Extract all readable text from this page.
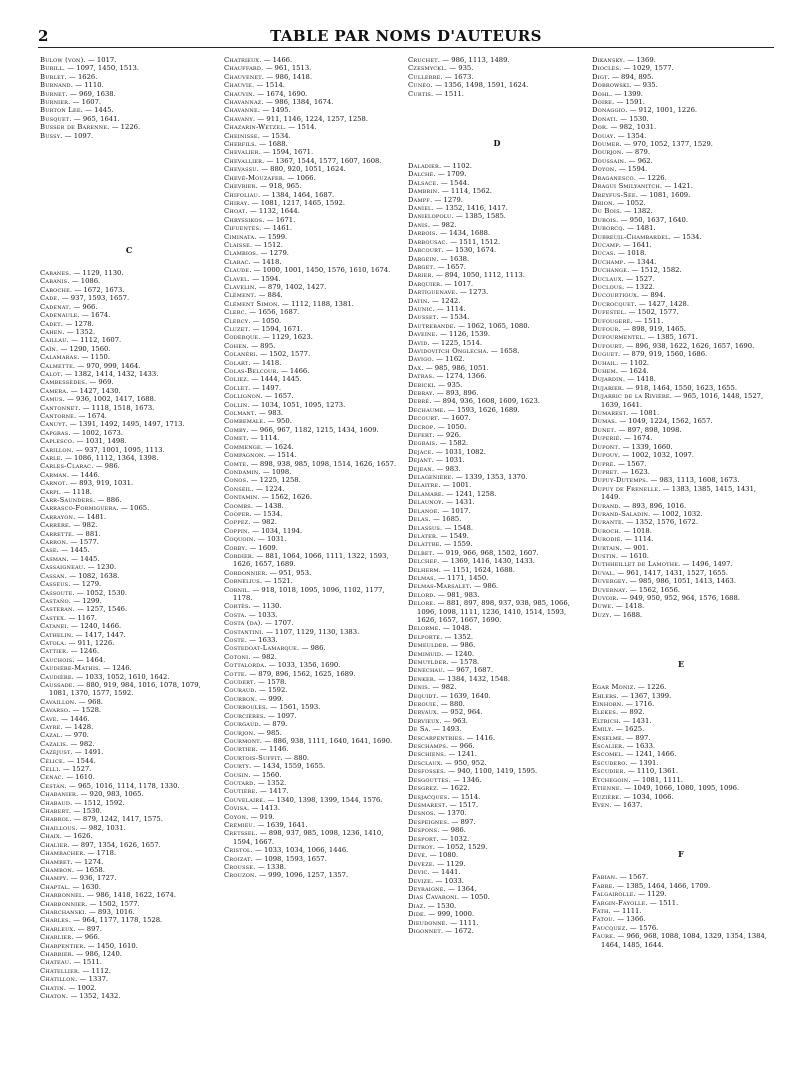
2	TABLE PAR NOMS D'AUTEURS

Bulow (von). — 1017.

Burill. — 1097, 1450, 1513.

Burlet. — 1626.

Burnand. — 1110.

Burnet. — 969, 1638.

Burnier. — 1607.

Burton Lee. — 1445.

Busquet. — 965, 1641.

Busser de Barenne. — 1226.

Bussy. — 1097.

C

Cabanes. — 1129, 1130.

Cabanis. — 1086.

Caboche. — 1672, 1673.

Cade. — 937, 1593, 1657.

Cadenat. — 966.

Cadenaule. — 1674.

Cadet. — 1278.

Cahen. — 1352.

Caillau. — 1112, 1607.

Caïn. — 1290, 1560.

Calamaras. — 1150.

Calmette. — 970, 999, 1464.

Calot. — 1382, 1414, 1432, 1433.

Cambessèdes. — 969.

Camera. — 1427, 1430.

Camus. — 936, 1002, 1417, 1688.

Cantonnet. — 1118, 1518, 1673.

Cantorne. — 1674.

Canuyt. — 1391, 1492, 1495, 1497, 1713.

Capgras. — 1002, 1673.

Caplesco. — 1031, 1498.

Carillon. — 937, 1001, 1095, 1113.

Carle. — 1086, 1112, 1364, 1398.

Carles-Clarac. — 986.

Carman. — 1446.

Carnot. — 893, 919, 1031.

Carpi. — 1118.

Carr-Saunders. — 886.

Carrasco-Formiguera. — 1065.

Carrayon. — 1481.

Carrère. — 982.

Carrette. — 881.

Carron. — 1577.

Case. — 1445.

Casman. — 1445.

Cassaigneau. — 1230.

Cassan. — 1082, 1638.

Cassèus. — 1279.

Cassoute. — 1052, 1530.

Castaño. — 1299.

Casteran. — 1257, 1546.

Castex. — 1167.

Catanei. — 1240, 1466.

Cathelin. — 1417, 1447.

Catola. — 911, 1226.

Cattier. — 1246.

Cauchois. — 1464.

Caudière-Mathis. — 1246.

Caudière. — 1033, 1052, 1610, 1642.

Caussade. — 880, 919, 984, 1016, 1078, 1079, 1081, 1370, 1577, 1592.

Cavaillon. — 968.

Cavarso. — 1528.

Cave. — 1446.

Cayre. — 1428.

Cazal. — 970.

Cazalis. — 982.

Cazejust. — 1491.

Célice. — 1544.

Celli. — 1527.

Cenac. — 1610.

Cestan. — 965, 1016, 1114, 1178, 1330.

Chabanier. — 920, 983, 1065.

Chabaud. — 1512, 1592.

Chabert. — 1530.

Chabrol. — 879, 1242, 1417, 1575.

Chaillous. — 982, 1031.

Chaix. — 1626.

Chalier. — 897, 1354, 1626, 1657.

Chambacher. — 1718.

Chambet. — 1274.

Chambon. — 1658.

Champy. — 936, 1727.

Chaptal. — 1630.

Charbonnel. — 986, 1418, 1622, 1674.

Charbonnier. — 1502, 1577.

Charchanski. — 893, 1016.

Charles. — 964, 1177, 1178, 1528.

Charleux. — 897.

Charlier. — 966.

Charpentier. — 1450, 1610.

Charrier. — 986, 1240.

Chateau. — 1511.

Chatellier. — 1112.

Chatillon. — 1337.

Chatin. — 1002.

Chaton. — 1352, 1432.

Chatrieux. — 1466.

Chauffard. — 961, 1513.

Chauvenet. — 986, 1418.

Chauvie. — 1514.

Chauvin. — 1674, 1690.

Chavannaz. — 986, 1384, 1674.

Chavanne. — 1495.

Chavany. — 911, 1146, 1224, 1257, 1258.

Chazarin-Wetzel. — 1514.

Cheinisse. — 1534.

Cherfils. — 1688.

Chevalier. — 1594, 1671.

Chevallier. — 1367, 1544, 1577, 1607, 1608.

Chevassu. — 880, 920, 1051, 1624.

Chevé-Mouzafer. — 1066.

Chevrier. — 918, 965.

Chifoliau. — 1384, 1464, 1687.

Chiray. — 1081, 1217, 1465, 1592.

Choat. — 1132, 1644.

Chryssikos. — 1671.

Cifuentès. — 1461.

Ciminata. — 1599.

Claisse. — 1512.

Clambios. — 1279.

Clarac. — 1418.

Claude. — 1000, 1001, 1450, 1576, 1610, 1674.

Clavel. — 1594.

Clavelin. — 879, 1402, 1427.

Clément. — 884.

Clément Simon. — 1112, 1188, 1381.

Clerc. — 1656, 1687.

Clercy. — 1050.

Cluzet. — 1594, 1671.

Coderque. — 1129, 1623.

Cohen. — 895.

Colanéri. — 1502, 1577.

Colart. — 1418.

Colas-Belcour. — 1466.

Coliez. — 1444, 1445.

Collet. — 1497.

Collignon. — 1657.

Collin. — 1034, 1051, 1095, 1273.

Colmant. — 983.

Combemale. — 950.

Comby. — 966, 967, 1182, 1215, 1434, 1609.

Comet. — 1114.

Commenge. — 1624.

Compagnon. — 1514.

Comte. — 898, 938, 985, 1098, 1514, 1626, 1657.

Condamin. — 1098.

Conos. — 1225, 1258.

Conseil. — 1224.

Contamin. — 1562, 1626.

Coombs. — 1438.

Cooper. — 1534.

Coppez. — 982.

Coppin. — 1034, 1194.

Coquoin. — 1031.

Corby. — 1609.

Cordier. — 881, 1064, 1066, 1111, 1322, 1593, 1626, 1657, 1689.

Cordonnier. — 951, 953.

Cornélius. — 1521.

Cornil. — 918, 1018, 1095, 1096, 1102, 1177, 1178.

Cortès. — 1130.

Costa. — 1033.

Costa (da). — 1707.

Costantini. — 1107, 1129, 1130, 1383.

Coste. — 1633.

Costedoat-Lamarque. — 986.

Cotoni. — 982.

Cottalorda. — 1033, 1356, 1690.

Cotte. — 879, 896, 1562, 1625, 1689.

Coudert. — 1578.

Couraud. — 1592.

Courbon. — 999.

Courboulès. — 1561, 1593.

Courcières. — 1097.

Courgaud. — 879.

Courjon. — 985.

Courmont. — 886, 938, 1111, 1640, 1641, 1690.

Courtier. — 1146.

Courtois-Suffit. — 880.

Courty. — 1434, 1559, 1655.

Cousin. — 1560.

Coutard. — 1352.

Coutière. — 1417.

Couvelaire. — 1340, 1398, 1399, 1544, 1576.

Covisa. — 1413.

Coyon. — 919.

Crémieu. — 1639, 1641.

Cretssel. — 898, 937, 985, 1098, 1236, 1410, 1594, 1667.

Cristol. — 1033, 1034, 1066, 1446.

Croizat. — 1098, 1593, 1657.

Crousse. — 1338.

Crouzon. — 999, 1096, 1257, 1357.

Cruchet. — 986, 1113, 1489.

Czesmyckl. — 935.

Cullerre. — 1673.

Cunéo. — 1356, 1498, 1591, 1624.

Curtis. — 1511.

D

Daladier. — 1102.

Dalché. — 1709.

Dalsace. — 1544.

Dambrin. — 1114, 1562.

Dampf. — 1279.

Daniel. — 1352, 1416, 1417.

Danielopolu. — 1385, 1585.

Danis. — 982.

Darbois. — 1434, 1688.

Darbousac. — 1511, 1512.

Darcourt. — 1530, 1674.

Dargein. — 1638.

Darget. — 1657.

Darier. — 894, 1050, 1112, 1113.

Darquier. — 1017.

Dartiguenave. — 1273.

Datin. — 1242.

Daunic. — 1114.

Dausset. — 1534.

Dautrebande. — 1062, 1065, 1080.

Daveine. — 1126, 1539.

David. — 1225, 1514.

Davidovitch Onglécha. — 1658.

Davigo. — 1162.

Dax. — 985, 986, 1051.

Datras. — 1274, 1366.

Debicki. — 935.

Debray. — 893, 896.

Debré. — 894, 936, 1608, 1609, 1623.

Dechaume. — 1593, 1626, 1689.

Decourt. — 1607.

Decrop. — 1050.

Defert. — 926.

Degrais. — 1582.

Dejace. — 1031, 1082.

Dejant. — 1031.

Dejean. — 983.

Delagenière. — 1339, 1353, 1370.

Delaitre. — 1001.

Delamare. — 1241, 1258.

Delaunoy. — 1431.

Delanoe. — 1017.

Delas. — 1685.

Delassus. — 1548.

Delater. — 1549.

Delattre. — 1559.

Delbet. — 919, 966, 968, 1502, 1607.

Delchef. — 1369, 1416, 1430, 1433.

Delherm. — 1151, 1624, 1688.

Delmas. — 1171, 1450.

Delmas-Marsalet. — 986.

Delord. — 981, 983.

Delore. — 881, 897, 898, 937, 938, 985, 1066, 1096, 1098, 1111, 1236, 1410, 1514, 1593, 1626, 1657, 1667, 1690.

Delorme. — 1048.

Delporte. — 1352.

Demeulder. — 986.

Demimuid. — 1240.

Demuylder. — 1578.

Denéchau. — 967, 1687.

Denker. — 1384, 1432, 1548.

Denis. — 982.

Dequidt. — 1639, 1640.

Derouie. — 880.

Dervaux. — 952, 964.

Dervieux. — 963.

De Sa. — 1493.

Descarpentries. — 1416.

Deschamps. — 966.

Deschiens. — 1241.

Desclaux. — 950, 952.

Desfosses. — 940, 1100, 1419, 1595.

Desgouttes. — 1346.

Desgrez. — 1622.

Desjacques. — 1514.

Desmarest. — 1517.

Desnos. — 1370.

Despeignes. — 897.

Despons. — 986.

Desport. — 1032.

Detroy. — 1052, 1529.

Dévé. — 1080.

Devèze. — 1129.

Devic. — 1441.

Devize. — 1033.

Deyraigne. — 1364.

Dias Cavaroni. — 1050.

Diaz. — 1530.

Dide. — 999, 1000.

Dieudonné. — 1111.

Digonnet. — 1672.

Dikansky. — 1369.

Dioclès. — 1029, 1577.

Digt. — 894, 895.

Dobrowski. — 935.

Dohl. — 1399.

Doire. — 1591.

Donaggio. — 912, 1001, 1226.

Donati. — 1530.

Dor. — 982, 1031.

Douay. — 1354.

Doumer. — 970, 1052, 1377, 1529.

Dourjon. — 879.

Doussain. — 962.

Doyon. — 1594.

Draganesco. — 1226.

Dragui Smilyanitch. — 1421.

Dreyfus-Sée. — 1081, 1609.

Drion. — 1052.

Du Bois. — 1382.

Dubois. — 950, 1637, 1640.

Duborcq. — 1481.

Dubreuil-Chambardel. — 1534.

Ducamp. — 1641.

Ducas. — 1018.

Duchamp. — 1344.

Duchange. — 1512, 1582.

Duclaux. — 1527.

Duclous. — 1322.

Ducourtioux. — 894.

Ducrocquet. — 1427, 1428.

Dufestel. — 1502, 1577.

Dufougeré. — 1511.

Dufour. — 898, 919, 1465.

Dufourmentel. — 1385, 1671.

Dufourt. — 896, 938, 1622, 1626, 1657, 1690.

Duguet. — 879, 919, 1560, 1686.

Duhail. — 1102.

Duhem. — 1624.

Dujardin. — 1418.

Dujarier. — 918, 1464, 1550, 1623, 1655.

Dujarric de la Rivière. — 965, 1016, 1448, 1527, 1639, 1641.

Dumarest. — 1081.

Dumas. — 1049, 1224, 1562, 1657.

Dunet. — 897, 898, 1098.

Duperié. — 1674.

Dupont. — 1339, 1660.

Dupouy. — 1002, 1032, 1097.

Dupré. — 1567.

Dupret. — 1623.

Dupuy-Dutemps. — 983, 1113, 1608, 1673.

Dupuy de Frenelle. — 1383, 1385, 1415, 1431, 1449.

Durand. — 893, 896, 1016.

Durand-Saladin. — 1002, 1032.

Durante. — 1352, 1576, 1672.

Duroch. — 1018.

Durodié. — 1114.

Durtain. — 901.

Dustin. — 1610.

Duthheillet de Lamothe. — 1496, 1497.

Duval. — 961, 1417, 1431, 1527, 1655.

Duvergey. — 985, 986, 1051, 1413, 1463.

Duvernay. — 1562, 1656.

Duvoir. — 949, 950, 952, 964, 1576, 1688.

Duwe. — 1418.

Duzy. — 1688.

E

Egar Moniz. — 1226.

Ehlers. — 1367, 1399.

Einhorn. — 1716.

Elekes. — 892.

Eltrich. — 1431.

Emily. — 1625.

Enselme. — 897.

Escalier. — 1633.

Escomel. — 1241, 1466.

Escudero. — 1391.

Escudier. — 1110, 1361.

Etchegoin. — 1081, 1111.

Etienne. — 1049, 1066, 1080, 1095, 1096.

Euzière. — 1034, 1066.

Even. — 1637.

F

Fabian. — 1567.

Fabre. — 1385, 1464, 1466, 1709.

Falgairolle. — 1129.

Fargin-Fayolle. — 1511.

Fath. — 1111.

Fatou. — 1366.

Faucquez. — 1576.

Faure. — 966, 968, 1088, 1084, 1329, 1354, 1384, 1464, 1485, 1644.
